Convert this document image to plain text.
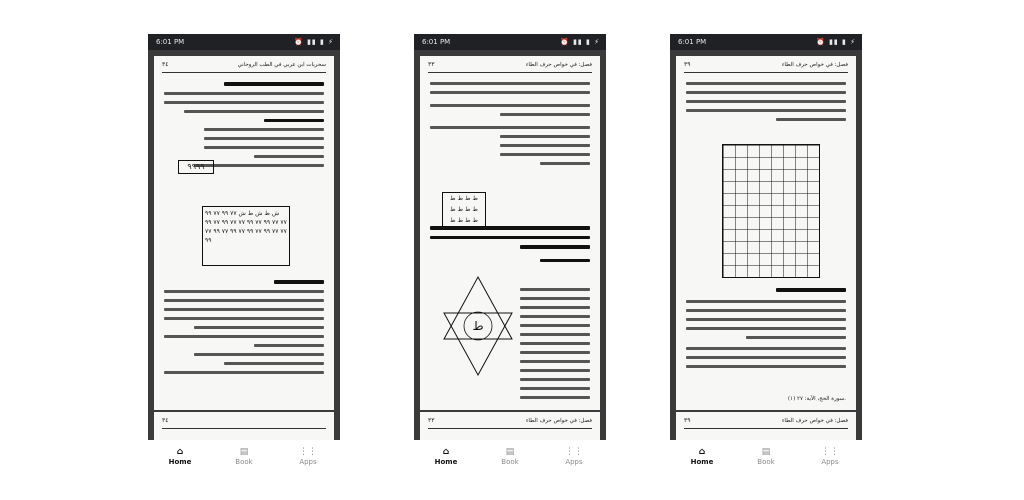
6:01 PM	⏰ ▮▮ ▮ ⚡
٣٤	سحريات ابن عربي في الطب الروحاني
٩٩٩٩
ش ط ش ط ش ٧٧ ٩٩ ٧٧ ٩٩ ٧٧ ٧٧ ٩٩ ٧٧ ٩٩ ٧٧ ٧٧ ٩٩ ٧٧ ٩٩ ٧٧ ٧٧ ٩٩ ٧٧ ٩٩ ٧٧ ٩٩ ٧٧ ٩٩ ٧٧ ٩٩
٣٤
⌂
Home
▤
Book
⋮⋮
Apps
6:01 PM	⏰ ▮▮ ▮ ⚡
٣٣	فصل: في خواص حرف الطاء
ط ط ط ط
ط ط ط ط
ط ط ط ط
ط
٣٣	فصل: في خواص حرف الطاء
⌂
Home
▤
Book
⋮⋮
Apps
6:01 PM	⏰ ▮▮ ▮ ⚡
٣٩	فصل: في خواص حرف الطاء
(١) سورة الحج، الآية: ٢٧.
٣٩	فصل: في خواص حرف الطاء
⌂
Home
▤
Book
⋮⋮
Apps
